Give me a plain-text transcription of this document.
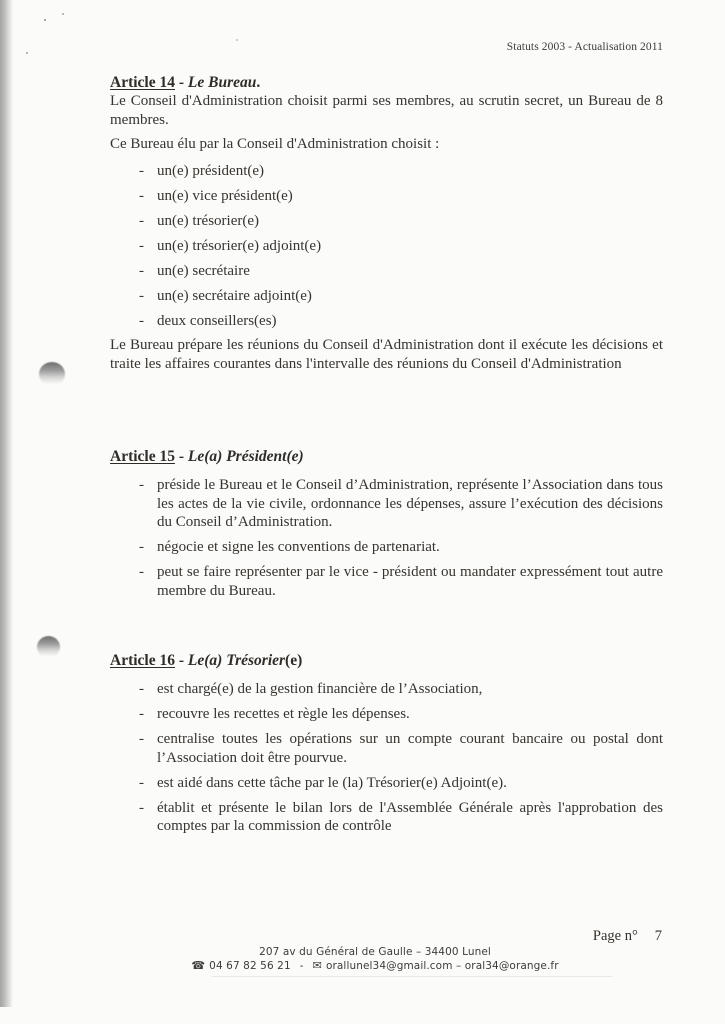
Statuts 2003 - Actualisation 2011
Article 14 - Le Bureau.

Le Conseil d'Administration choisit parmi ses membres, au scrutin secret, un Bureau de 8 membres.

Ce Bureau élu par la Conseil d'Administration choisit :

- un(e) président(e)
- un(e) vice président(e)
- un(e) trésorier(e)
- un(e) trésorier(e) adjoint(e)
- un(e) secrétaire
- un(e) secrétaire adjoint(e)
- deux conseillers(es)

Le Bureau prépare les réunions du Conseil d'Administration dont il exécute les décisions et traite les affaires courantes dans l'intervalle des réunions du Conseil d'Administration

Article 15 - Le(a) Président(e)
- préside le Bureau et le Conseil d’Administration, représente l’Association dans tous les actes de la vie civile, ordonnance les dépenses, assure l’exécution des décisions du Conseil d’Administration.
- négocie et signe les conventions de partenariat.
- peut se faire représenter par le vice - président ou mandater expressément tout autre membre du Bureau.
Article 16 - Le(a) Trésorier(e)
- est chargé(e) de la gestion financière de l’Association,
- recouvre les recettes et règle les dépenses.
- centralise toutes les opérations sur un compte courant bancaire ou postal dont l’Association doit être pourvue.
- est aidé dans cette tâche par le (la) Trésorier(e) Adjoint(e).
- établit et présente le bilan lors de l'Assemblée Générale après l'approbation des comptes par la commission de contrôle
Page n° 7
207 av du Général de Gaulle – 34400 Lunel
☎ 04 67 82 56 21 - ✉ orallunel34@gmail.com – oral34@orange.fr
